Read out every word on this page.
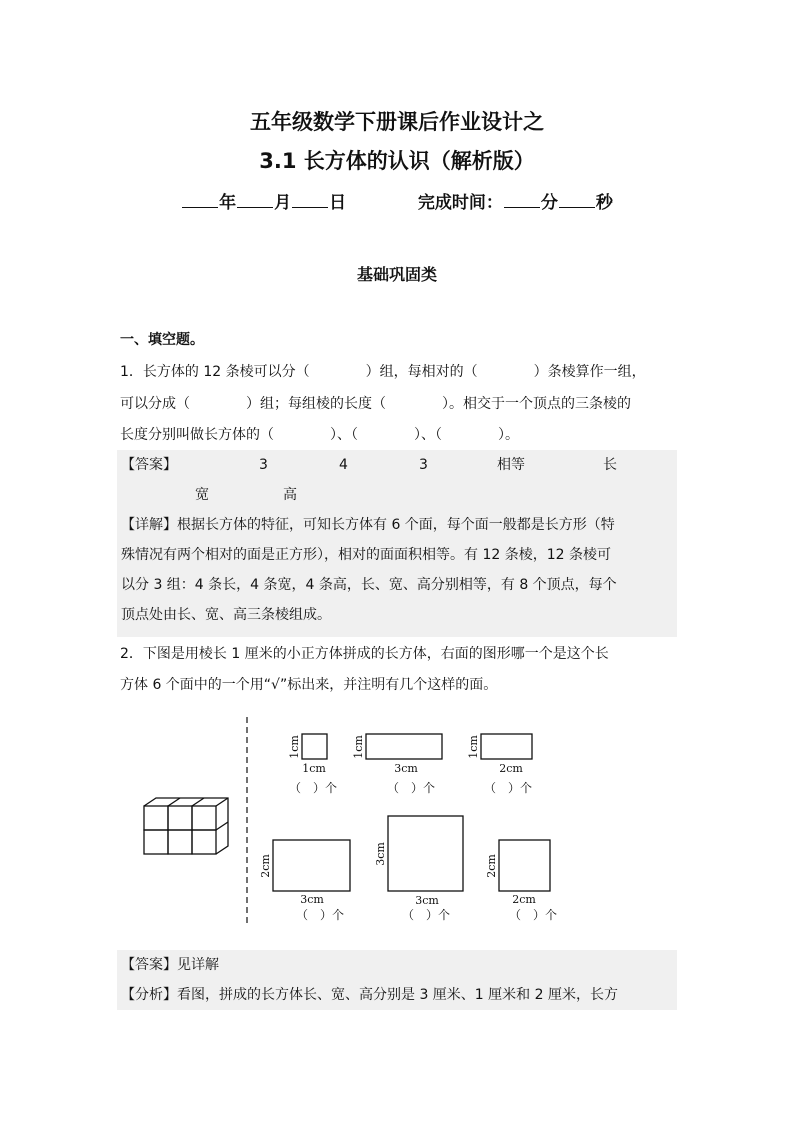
五年级数学下册课后作业设计之
3.1 长方体的认识（解析版）
年 月 日	完成时间： 分 秒
基础巩固类
一、填空题。
1．长方体的 12 条棱可以分（	）组，每相对的（	）条棱算作一组，
可以分成（	）组；每组棱的长度（	）。相交于一个顶点的三条棱的
长度分别叫做长方体的（	）、（	）、（	）。
【答案】	3	4	3	相等	长
宽	高
【详解】根据长方体的特征，可知长方体有 6 个面，每个面一般都是长方形（特
殊情况有两个相对的面是正方形），相对的面面积相等。有 12 条棱，12 条棱可
以分 3 组：4 条长，4 条宽，4 条高，长、宽、高分别相等，有 8 个顶点，每个
顶点处由长、宽、高三条棱组成。
2．下图是用棱长 1 厘米的小正方体拼成的长方体，右面的图形哪一个是这个长
方体 6 个面中的一个用“√”标出来，并注明有几个这样的面。
1cm	3cm	2cm
3cm	3cm	2cm
1cm	1cm	1cm
2cm
3cm
2cm
（　）个	（　）个	（　）个
（　）个	（　）个	（　）个
【答案】见详解
【分析】看图，拼成的长方体长、宽、高分别是 3 厘米、1 厘米和 2 厘米，长方
